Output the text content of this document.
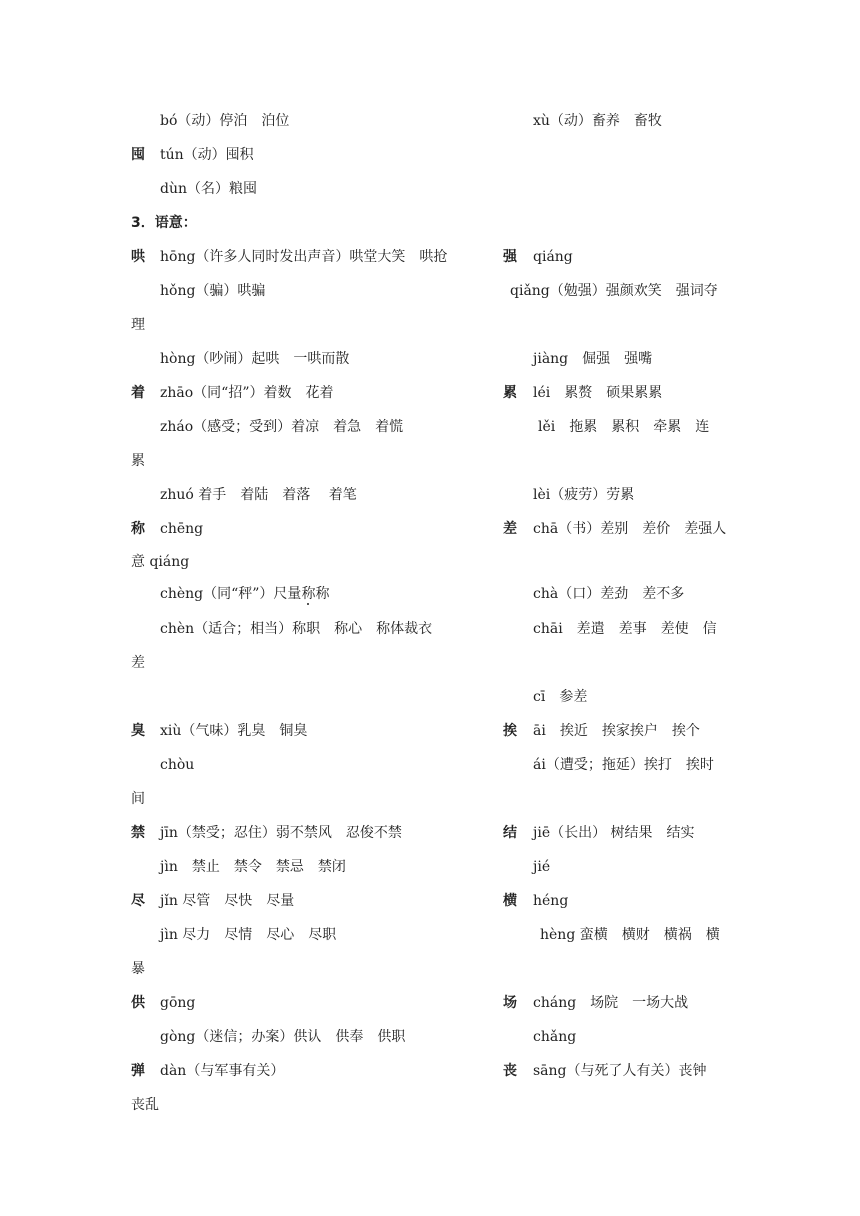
bó（动）停泊　泊位	xù（动）畜养　畜牧
囤 tún（动）囤积
dùn（名）粮囤
3．语意：
哄 hōng（许多人同时发出声音）哄堂大笑　哄抢	强 qiáng
hǒng（骗）哄骗	qiǎng（勉强）强颜欢笑　强词夺
理
hòng（吵闹）起哄　一哄而散	jiàng　倔强　强嘴
着 zhāo（同“招”）着数　花着	累 léi　累赘　硕果累累
zháo（感受；受到）着凉　着急　着慌	lěi　拖累　累积　牵累　连
累
zhuó 着手　着陆　着落　 着笔	lèi（疲劳）劳累
称 chēng	差 chā（书）差别　差价　差强人
意 qiáng
chèng（同“秤”）尺量称称	chà（口）差劲　差不多
chèn（适合；相当）称职　称心　称体裁衣	chāi　差遣　差事　差使　信
差
cī　参差
臭 xiù（气味）乳臭　铜臭	挨 āi　挨近　挨家挨户　挨个
chòu	ái（遭受；拖延）挨打　挨时
间
禁 jīn（禁受；忍住）弱不禁风　忍俊不禁	结 jiē（长出） 树结果　结实
jìn　禁止　禁令　禁忌　禁闭	jié
尽 jǐn 尽管　尽快　尽量	横 héng
jìn 尽力　尽情　尽心　尽职	hèng 蛮横　横财　横祸　横
暴
供 gōng	场 cháng　场院　一场大战
gòng（迷信；办案）供认　供奉　供职	chǎng
弹 dàn（与军事有关）	丧 sāng（与死了人有关）丧钟
丧乱
